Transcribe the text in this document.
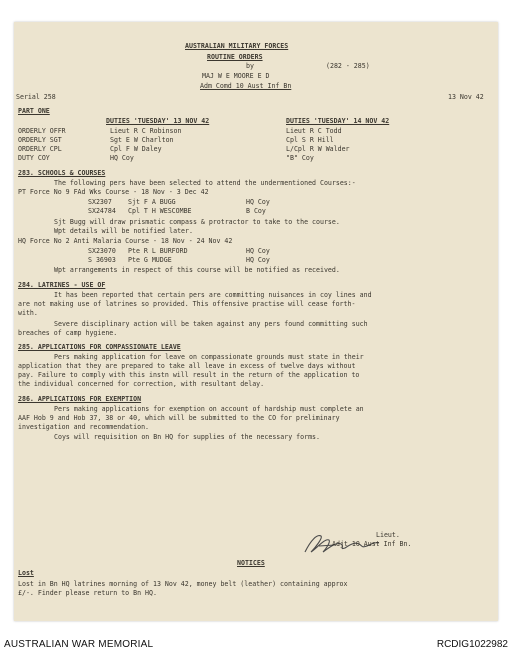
AUSTRALIAN MILITARY FORCES
ROUTINE ORDERS
by	(282 - 285)
MAJ W E MOORE E D
Adm Comd 10 Aust Inf Bn
Serial 258	13 Nov 42
PART ONE
DUTIES 'TUESDAY' 13 NOV 42	DUTIES 'TUESDAY' 14 NOV 42
ORDERLY OFFR	Lieut R C Robinson	Lieut R C Todd
ORDERLY SGT	Sgt E W Charlton	Cpl S R Hill
ORDERLY CPL	Cpl F W Daley	L/Cpl R W Walder
DUTY COY	HQ Coy	"B" Coy
283. SCHOOLS & COURSES
The following pers have been selected to attend the undermentioned Courses:-
PT Force No 9 FAd Wks Course - 18 Nov - 3 Dec 42
SX2307 Sjt F A BUGG	HQ Coy
SX24784 Cpl T H WESCOMBE	B Coy
Sjt Bugg will draw prismatic compass & protractor to take to the course.
Wpt details will be notified later.
HQ Force No 2 Anti Malaria Course - 18 Nov - 24 Nov 42
SX23070 Pte R L BURFORD	HQ Coy
S 36903 Pte G MUDGE	HQ Coy
Wpt arrangements in respect of this course will be notified as received.
284. LATRINES - USE OF
It has been reported that certain pers are committing nuisances in coy lines and
are not making use of latrines so provided. This offensive practise will cease forth-
with.
Severe disciplinary action will be taken against any pers found committing such
breaches of camp hygiene.
285. APPLICATIONS FOR COMPASSIONATE LEAVE
Pers making application for leave on compassionate grounds must state in their
application that they are prepared to take all leave in excess of twelve days without
pay. Failure to comply with this instn will result in the return of the application to
the individual concerned for correction, with resultant delay.
286. APPLICATIONS FOR EXEMPTION
Pers making applications for exemption on account of hardship must complete an
AAF Hob 9 and Hob 37, 38 or 40, which will be submitted to the CO for preliminary
investigation and recommendation.
Coys will requisition on Bn HQ for supplies of the necessary forms.
Lieut.
Adjt 10 Aust Inf Bn.
NOTICES
Lost
Lost in Bn HQ latrines morning of 13 Nov 42, money belt (leather) containing approx
£/-. Finder please return to Bn HQ.
AUSTRALIAN WAR MEMORIAL	RCDIG1022982
